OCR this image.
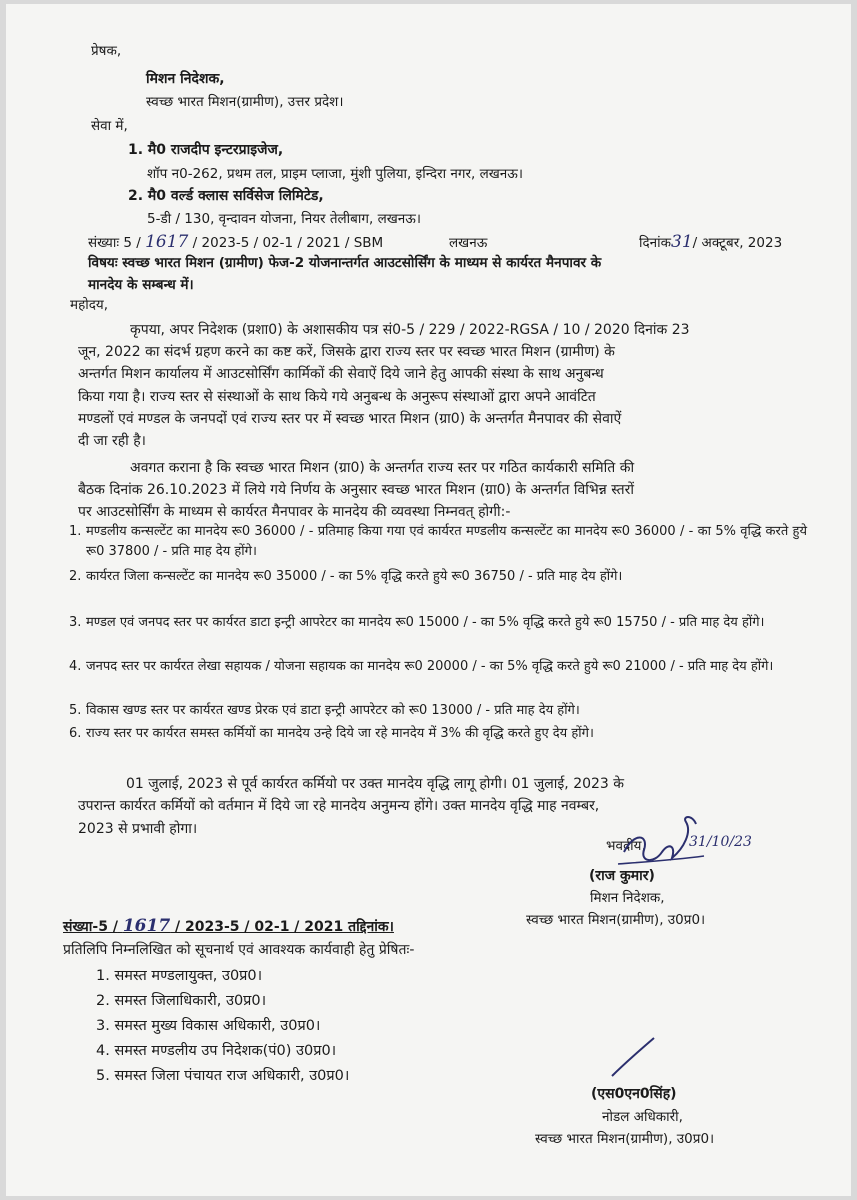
प्रेषक,
मिशन निदेशक,
स्वच्छ भारत मिशन(ग्रामीण), उत्तर प्रदेश।
सेवा में,
1. मै0 राजदीप इन्टरप्राइजेज,
शॉप न0-262, प्रथम तल, प्राइम प्लाजा, मुंशी पुलिया, इन्दिरा नगर, लखनऊ।
2. मै0 वर्ल्ड क्लास सर्विसेज लिमिटेड,
5-डी / 130, वृन्दावन योजना, नियर तेलीबाग, लखनऊ।
संख्याः 5 / 1617 / 2023-5 / 02-1 / 2021 / SBM	लखनऊ	दिनांक31/ अक्टूबर, 2023
विषयः स्वच्छ भारत मिशन (ग्रामीण) फेज-2 योजनान्तर्गत आउटसोर्सिंग के माध्यम से कार्यरत मैनपावर के
मानदेय के सम्बन्ध में।
महोदय,
कृपया, अपर निदेशक (प्रशा0) के अशासकीय पत्र सं0-5 / 229 / 2022-RGSA / 10 / 2020 दिनांक 23
जून, 2022 का संदर्भ ग्रहण करने का कष्ट करें, जिसके द्वारा राज्य स्तर पर स्वच्छ भारत मिशन (ग्रामीण) के
अन्तर्गत मिशन कार्यालय में आउटसोर्सिंग कार्मिकों की सेवाऐं दिये जाने हेतु आपकी संस्था के साथ अनुबन्ध
किया गया है। राज्य स्तर से संस्थाओं के साथ किये गये अनुबन्ध के अनुरूप संस्थाओं द्वारा अपने आवंटित
मण्डलों एवं मण्डल के जनपदों एवं राज्य स्तर पर में स्वच्छ भारत मिशन (ग्रा0) के अन्तर्गत मैनपावर की सेवाऐं
दी जा रही है।
अवगत कराना है कि स्वच्छ भारत मिशन (ग्रा0) के अन्तर्गत राज्य स्तर पर गठित कार्यकारी समिति की
बैठक दिनांक 26.10.2023 में लिये गये निर्णय के अनुसार स्वच्छ भारत मिशन (ग्रा0) के अन्तर्गत विभिन्न स्तरों
पर आउटसोर्सिंग के माध्यम से कार्यरत मैनपावर के मानदेय की व्यवस्था निम्नवत् होगी:-
1. मण्डलीय कन्सल्टेंट का मानदेय रू0 36000 / - प्रतिमाह किया गया एवं कार्यरत मण्डलीय कन्सल्टेंट का मानदेय रू0 36000 / - का 5% वृद्धि करते हुये रू0 37800 / - प्रति माह देय होंगे।
2. कार्यरत जिला कन्सल्टेंट का मानदेय रू0 35000 / - का 5% वृद्धि करते हुये रू0 36750 / - प्रति माह देय होंगे।
3. मण्डल एवं जनपद स्तर पर कार्यरत डाटा इन्ट्री आपरेटर का मानदेय रू0 15000 / - का 5% वृद्धि करते हुये रू0 15750 / - प्रति माह देय होंगे।
4. जनपद स्तर पर कार्यरत लेखा सहायक / योजना सहायक का मानदेय रू0 20000 / - का 5% वृद्धि करते हुये रू0 21000 / - प्रति माह देय होंगे।
5. विकास खण्ड स्तर पर कार्यरत खण्ड प्रेरक एवं डाटा इन्ट्री आपरेटर को रू0 13000 / - प्रति माह देय होंगे।
6. राज्य स्तर पर कार्यरत समस्त कर्मियों का मानदेय उन्हे दिये जा रहे मानदेय में 3% की वृद्धि करते हुए देय होंगे।
01 जुलाई, 2023 से पूर्व कार्यरत कर्मियो पर उक्त मानदेय वृद्धि लागू होगी। 01 जुलाई, 2023 के
उपरान्त कार्यरत कर्मियों को वर्तमान में दिये जा रहे मानदेय अनुमन्य होंगे। उक्त मानदेय वृद्धि माह नवम्बर,
2023 से प्रभावी होगा।
भवदीय,	31/10/23
(राज कुमार)
मिशन निदेशक,
स्वच्छ भारत मिशन(ग्रामीण), उ0प्र0।
संख्या-5 / 1617 / 2023-5 / 02-1 / 2021 तद्दिनांक।
प्रतिलिपि निम्नलिखित को सूचनार्थ एवं आवश्यक कार्यवाही हेतु प्रेषितः-
1. समस्त मण्डलायुक्त, उ0प्र0।
2. समस्त जिलाधिकारी, उ0प्र0।
3. समस्त मुख्य विकास अधिकारी, उ0प्र0।
4. समस्त मण्डलीय उप निदेशक(पं0) उ0प्र0।
5. समस्त जिला पंचायत राज अधिकारी, उ0प्र0।
(एस0एन0सिंह)
नोडल अधिकारी,
स्वच्छ भारत मिशन(ग्रामीण), उ0प्र0।
